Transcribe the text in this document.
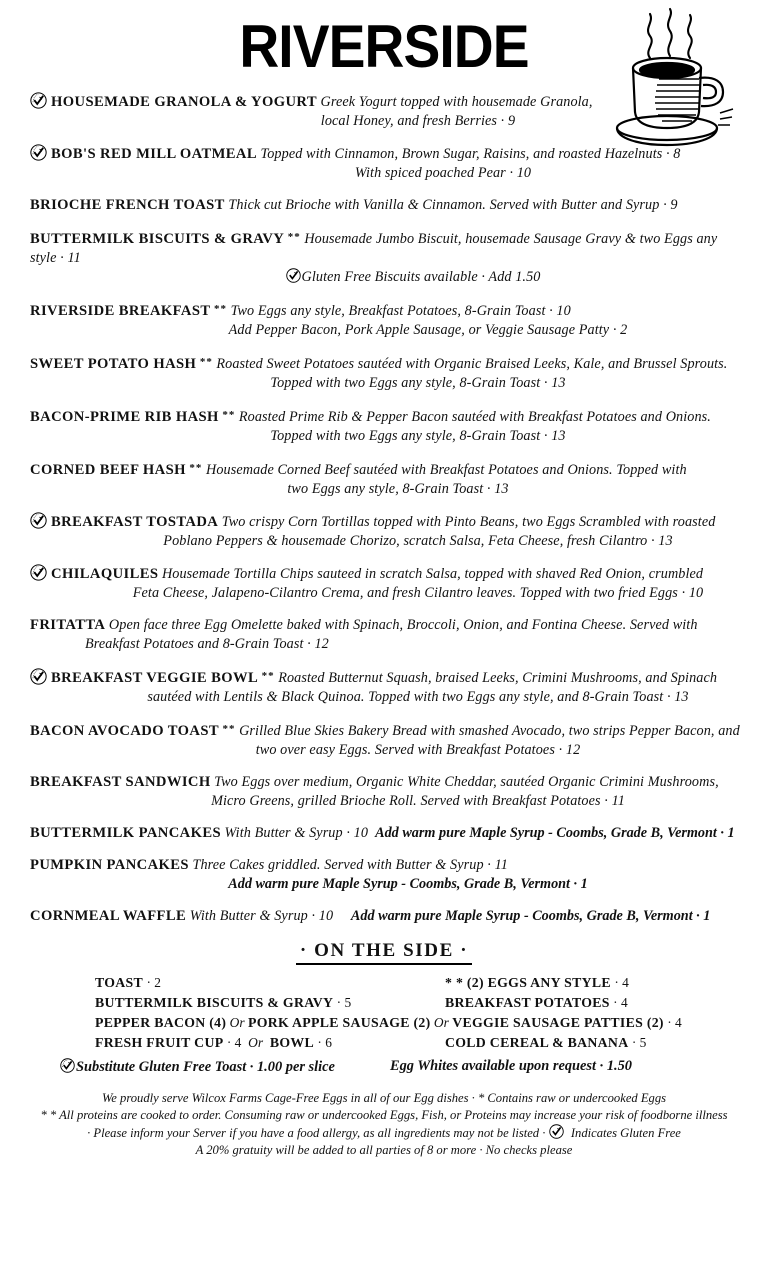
RIVERSIDE
HOUSEMADE GRANOLA & YOGURT Greek Yogurt topped with housemade Granola,
local Honey, and fresh Berries · 9
BOB'S RED MILL OATMEAL Topped with Cinnamon, Brown Sugar, Raisins, and roasted Hazelnuts · 8
With spiced poached Pear · 10
BRIOCHE FRENCH TOAST Thick cut Brioche with Vanilla & Cinnamon. Served with Butter and Syrup · 9
BUTTERMILK BISCUITS & GRAVY ** Housemade Jumbo Biscuit, housemade Sausage Gravy & two Eggs any style · 11
Gluten Free Biscuits available · Add 1.50
RIVERSIDE BREAKFAST ** Two Eggs any style, Breakfast Potatoes, 8-Grain Toast · 10
Add Pepper Bacon, Pork Apple Sausage, or Veggie Sausage Patty · 2
SWEET POTATO HASH ** Roasted Sweet Potatoes sautéed with Organic Braised Leeks, Kale, and Brussel Sprouts.
Topped with two Eggs any style, 8-Grain Toast · 13
BACON-PRIME RIB HASH ** Roasted Prime Rib & Pepper Bacon sautéed with Breakfast Potatoes and Onions.
Topped with two Eggs any style, 8-Grain Toast · 13
CORNED BEEF HASH ** Housemade Corned Beef sautéed with Breakfast Potatoes and Onions. Topped with
two Eggs any style, 8-Grain Toast · 13
BREAKFAST TOSTADA Two crispy Corn Tortillas topped with Pinto Beans, two Eggs Scrambled with roasted
Poblano Peppers & housemade Chorizo, scratch Salsa, Feta Cheese, fresh Cilantro · 13
CHILAQUILES Housemade Tortilla Chips sauteed in scratch Salsa, topped with shaved Red Onion, crumbled
Feta Cheese, Jalapeno-Cilantro Crema, and fresh Cilantro leaves. Topped with two fried Eggs · 10
FRITATTA Open face three Egg Omelette baked with Spinach, Broccoli, Onion, and Fontina Cheese. Served with
Breakfast Potatoes and 8-Grain Toast · 12
BREAKFAST VEGGIE BOWL ** Roasted Butternut Squash, braised Leeks, Crimini Mushrooms, and Spinach
sautéed with Lentils & Black Quinoa. Topped with two Eggs any style, and 8-Grain Toast · 13
BACON AVOCADO TOAST ** Grilled Blue Skies Bakery Bread with smashed Avocado, two strips Pepper Bacon, and
two over easy Eggs. Served with Breakfast Potatoes · 12
BREAKFAST SANDWICH Two Eggs over medium, Organic White Cheddar, sautéed Organic Crimini Mushrooms,
Micro Greens, grilled Brioche Roll. Served with Breakfast Potatoes · 11
BUTTERMILK PANCAKES With Butter & Syrup · 10 Add warm pure Maple Syrup - Coombs, Grade B, Vermont · 1
PUMPKIN PANCAKES Three Cakes griddled. Served with Butter & Syrup · 11
Add warm pure Maple Syrup - Coombs, Grade B, Vermont · 1
CORNMEAL WAFFLE With Butter & Syrup · 10 Add warm pure Maple Syrup - Coombs, Grade B, Vermont · 1
· ON THE SIDE ·
TOAST · 2	* * (2) EGGS ANY STYLE · 4
BUTTERMILK BISCUITS & GRAVY · 5	BREAKFAST POTATOES · 4
PEPPER BACON (4) Or PORK APPLE SAUSAGE (2) Or VEGGIE SAUSAGE PATTIES (2) · 4
FRESH FRUIT CUP · 4 Or BOWL · 6	COLD CEREAL & BANANA · 5
Substitute Gluten Free Toast · 1.00 per slice	Egg Whites available upon request · 1.50
We proudly serve Wilcox Farms Cage-Free Eggs in all of our Egg dishes · * Contains raw or undercooked Eggs
* * All proteins are cooked to order. Consuming raw or undercooked Eggs, Fish, or Proteins may increase your risk of foodborne illness
· Please inform your Server if you have a food allergy, as all ingredients may not be listed · Indicates Gluten Free
A 20% gratuity will be added to all parties of 8 or more · No checks please
